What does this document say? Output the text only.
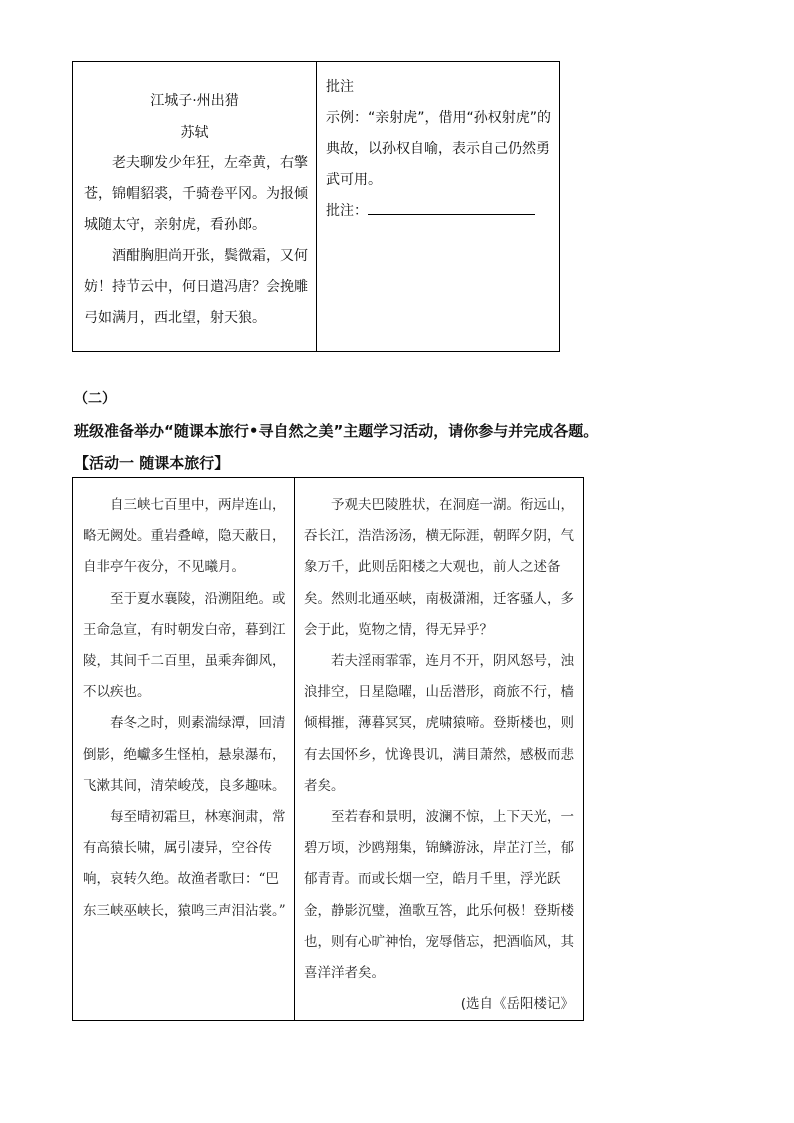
江城子·州出猎
苏轼

老夫聊发少年狂，左牵黄，右擎苍，锦帽貂裘，千骑卷平冈。为报倾城随太守，亲射虎，看孙郎。

酒酣胸胆尚开张，鬓微霜，又何妨！持节云中，何日遣冯唐？会挽雕弓如满月，西北望，射天狼。

批注
示例：“亲射虎”，借用“孙权射虎”的典故，以孙权自喻，表示自己仍然勇武可用。
批注：
（二）
班级准备举办“随课本旅行•寻自然之美”主题学习活动，请你参与并完成各题。
【活动一 随课本旅行】

自三峡七百里中，两岸连山，略无阙处。重岩叠嶂，隐天蔽日，自非亭午夜分，不见曦月。

至于夏水襄陵，沿溯阻绝。或王命急宣，有时朝发白帝，暮到江陵，其间千二百里，虽乘奔御风，不以疾也。

春冬之时，则素湍绿潭，回清倒影，绝巘多生怪柏，悬泉瀑布，飞漱其间，清荣峻茂，良多趣味。

每至晴初霜旦，林寒涧肃，常有高猿长啸，属引凄异，空谷传响，哀转久绝。故渔者歌曰：“巴东三峡巫峡长，猿鸣三声泪沾裳。”

予观夫巴陵胜状，在洞庭一湖。衔远山，吞长江，浩浩汤汤，横无际涯，朝晖夕阴，气象万千，此则岳阳楼之大观也，前人之述备矣。然则北通巫峡，南极潇湘，迁客骚人，多会于此，览物之情，得无异乎？

若夫淫雨霏霏，连月不开，阴风怒号，浊浪排空，日星隐曜，山岳潜形，商旅不行，樯倾楫摧，薄暮冥冥，虎啸猿啼。登斯楼也，则有去国怀乡，忧谗畏讥，满目萧然，感极而悲者矣。

至若春和景明，波澜不惊，上下天光，一碧万顷，沙鸥翔集，锦鳞游泳，岸芷汀兰，郁郁青青。而或长烟一空，皓月千里，浮光跃金，静影沉璧，渔歌互答，此乐何极！登斯楼也，则有心旷神怡，宠辱偕忘，把酒临风，其喜洋洋者矣。

(选自《岳阳楼记》
